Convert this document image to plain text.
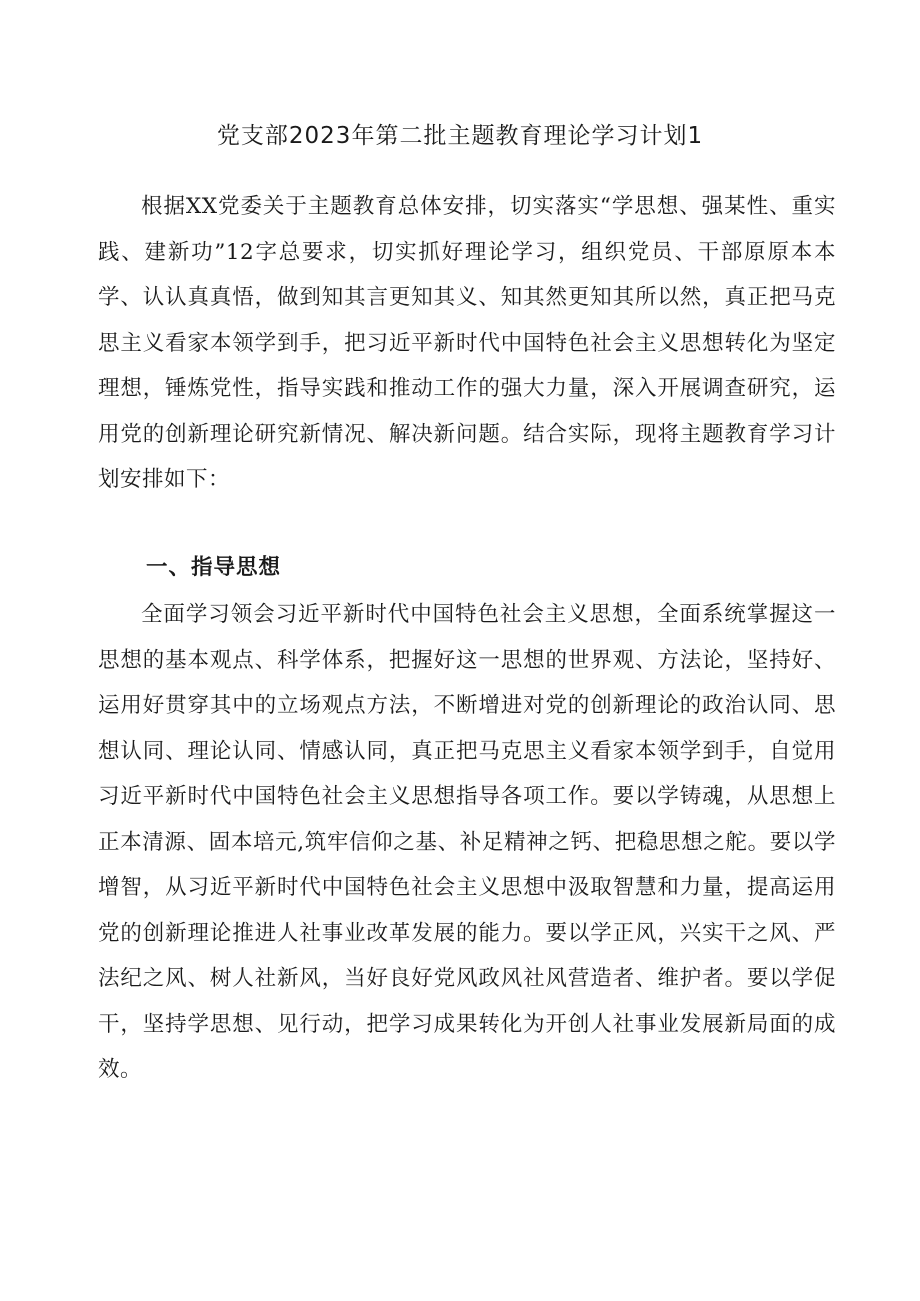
党支部2023年第二批主题教育理论学习计划1

根据XX党委关于主题教育总体安排，切实落实“学思想、强某性、重实践、建新功”12字总要求，切实抓好理论学习，组织党员、干部原原本本学、认认真真悟，做到知其言更知其义、知其然更知其所以然，真正把马克思主义看家本领学到手，把习近平新时代中国特色社会主义思想转化为坚定理想，锤炼党性，指导实践和推动工作的强大力量，深入开展调查研究，运用党的创新理论研究新情况、解决新问题。结合实际，现将主题教育学习计划安排如下：

一、指导思想

全面学习领会习近平新时代中国特色社会主义思想，全面系统掌握这一思想的基本观点、科学体系，把握好这一思想的世界观、方法论，坚持好、运用好贯穿其中的立场观点方法，不断增进对党的创新理论的政治认同、思想认同、理论认同、情感认同，真正把马克思主义看家本领学到手，自觉用习近平新时代中国特色社会主义思想指导各项工作。要以学铸魂，从思想上正本清源、固本培元,筑牢信仰之基、补足精神之钙、把稳思想之舵。要以学增智，从习近平新时代中国特色社会主义思想中汲取智慧和力量，提高运用党的创新理论推进人社事业改革发展的能力。要以学正风，兴实干之风、严法纪之风、树人社新风，当好良好党风政风社风营造者、维护者。要以学促干，坚持学思想、见行动，把学习成果转化为开创人社事业发展新局面的成效。
